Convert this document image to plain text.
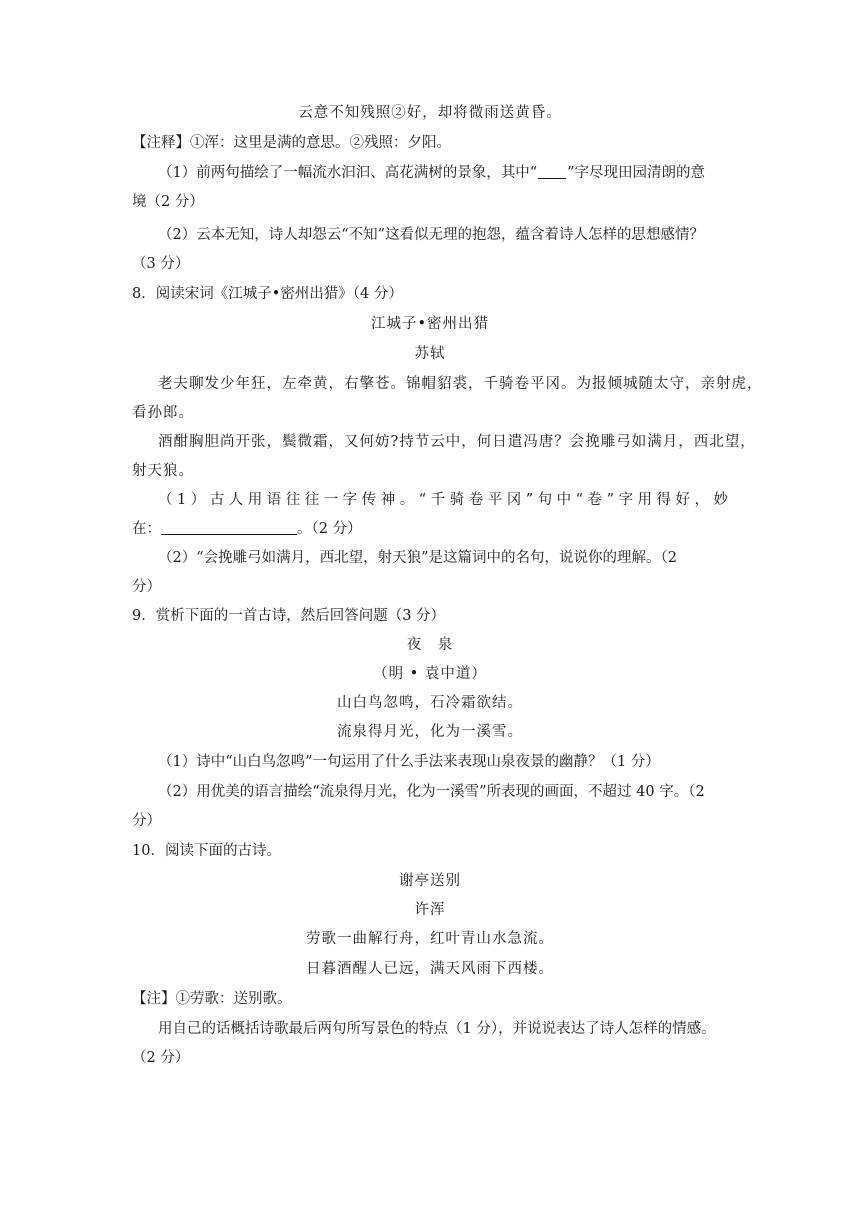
云意不知残照②好，却将微雨送黄昏。
【注释】①浑：这里是满的意思。②残照：夕阳。
（1）前两句描绘了一幅流水汩汩、高花满树的景象，其中“ ”字尽现田园清朗的意
境（2 分）
（2）云本无知，诗人却怨云“不知”这看似无理的抱怨，蕴含着诗人怎样的思想感情？
（3 分）
8．阅读宋词《江城子•密州出猎》（4 分）
江城子•密州出猎
苏轼
老夫聊发少年狂，左牵黄，右擎苍。锦帽貂裘，千骑卷平冈。为报倾城随太守，亲射虎，
看孙郎。
酒酣胸胆尚开张，鬓微霜，又何妨?持节云中，何日遣冯唐？会挽雕弓如满月，西北望，
射天狼。
（1）古人用语往往一字传神。“千骑卷平冈”句中“卷”字用得好，妙
在：	。（2 分）
（2）“会挽雕弓如满月，西北望，射天狼”是这篇词中的名句，说说你的理解。（2
分）
9．赏析下面的一首古诗，然后回答问题（3 分）
夜　泉
（明 • 袁中道）
山白鸟忽鸣，石冷霜欲结。
流泉得月光，化为一溪雪。
（1）诗中“山白鸟忽鸣”一句运用了什么手法来表现山泉夜景的幽静？（1 分）
（2）用优美的语言描绘“流泉得月光，化为一溪雪”所表现的画面，不超过 40 字。（2
分）
10．阅读下面的古诗。
谢亭送别
许浑
劳歌一曲解行舟，红叶青山水急流。
日暮酒醒人已远，满天风雨下西楼。
【注】①劳歌：送别歌。
用自己的话概括诗歌最后两句所写景色的特点（1 分），并说说表达了诗人怎样的情感。
（2 分）
